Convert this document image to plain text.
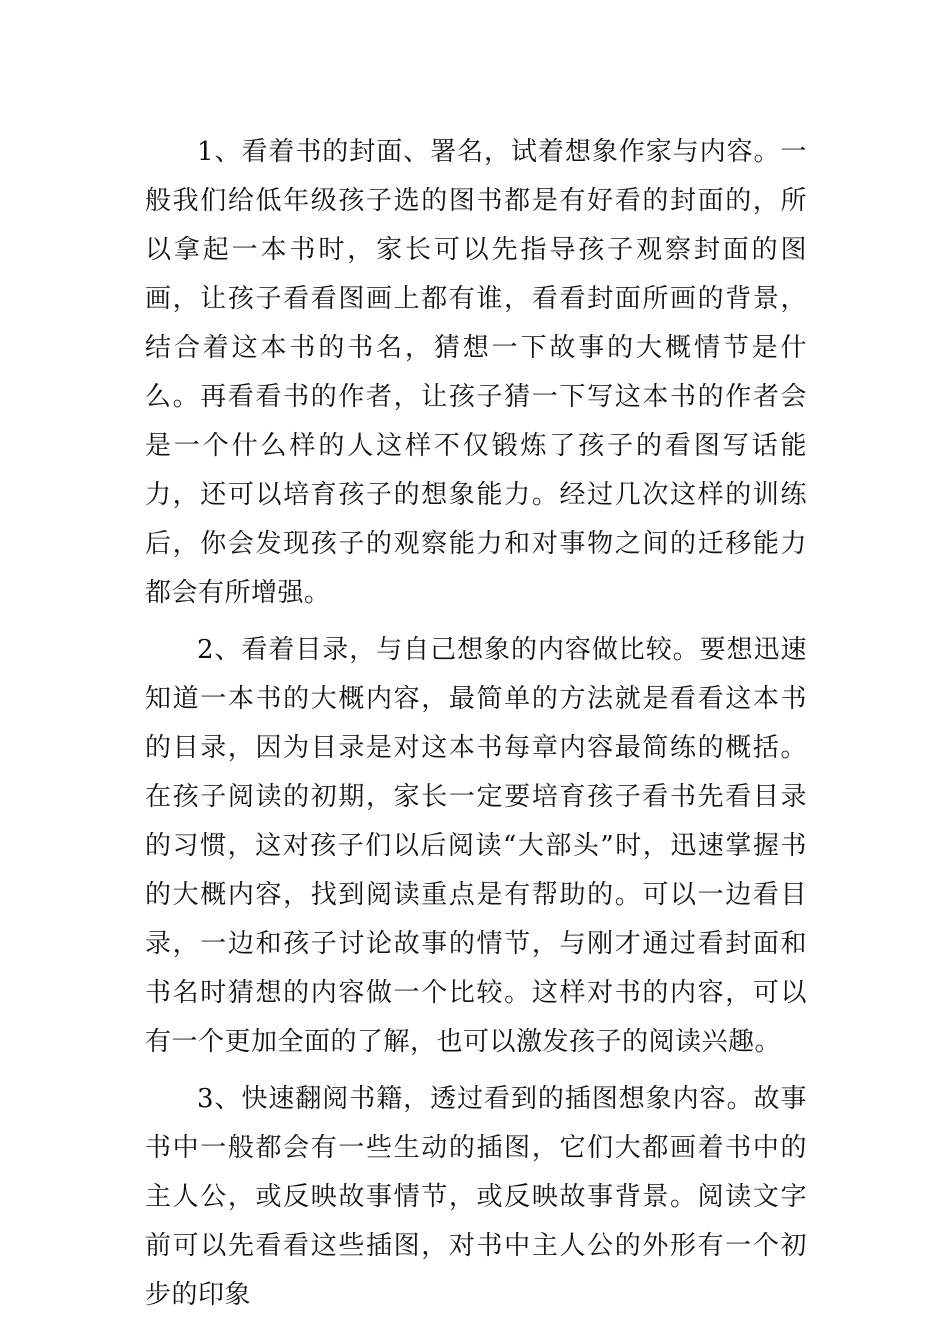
1、看着书的封面、署名，试着想象作家与内容。一般我们给低年级孩子选的图书都是有好看的封面的，所以拿起一本书时，家长可以先指导孩子观察封面的图画，让孩子看看图画上都有谁，看看封面所画的背景，结合着这本书的书名，猜想一下故事的大概情节是什么。再看看书的作者，让孩子猜一下写这本书的作者会是一个什么样的人这样不仅锻炼了孩子的看图写话能力，还可以培育孩子的想象能力。经过几次这样的训练后，你会发现孩子的观察能力和对事物之间的迁移能力都会有所增强。

2、看着目录，与自己想象的内容做比较。要想迅速知道一本书的大概内容，最简单的方法就是看看这本书的目录，因为目录是对这本书每章内容最简练的概括。在孩子阅读的初期，家长一定要培育孩子看书先看目录的习惯，这对孩子们以后阅读“大部头”时，迅速掌握书的大概内容，找到阅读重点是有帮助的。可以一边看目录，一边和孩子讨论故事的情节，与刚才通过看封面和书名时猜想的内容做一个比较。这样对书的内容，可以有一个更加全面的了解，也可以激发孩子的阅读兴趣。

3、快速翻阅书籍，透过看到的插图想象内容。故事书中一般都会有一些生动的插图，它们大都画着书中的主人公，或反映故事情节，或反映故事背景。阅读文字前可以先看看这些插图，对书中主人公的外形有一个初步的印象
